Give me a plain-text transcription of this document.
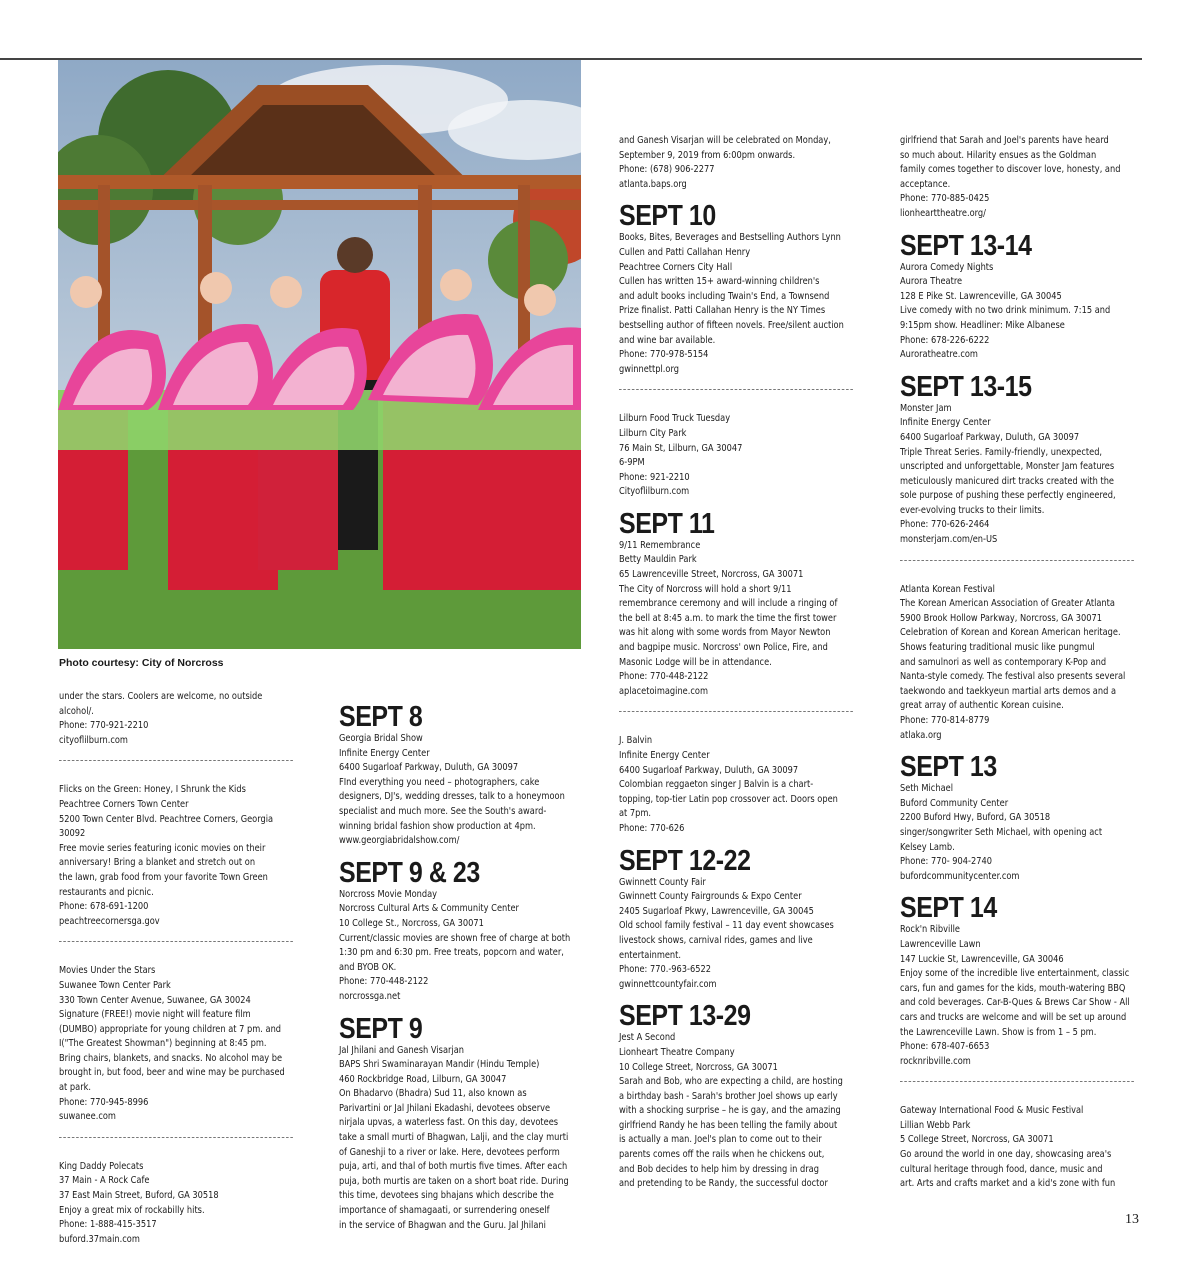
Photo courtesy: City of Norcross
under the stars. Coolers are welcome, no outside
alcohol/.
Phone: 770-921-2210
cityoflilburn.com
Flicks on the Green: Honey, I Shrunk the Kids
Peachtree Corners Town Center
5200 Town Center Blvd. Peachtree Corners, Georgia
30092
Free movie series featuring iconic movies on their
anniversary! Bring a blanket and stretch out on
the lawn, grab food from your favorite Town Green
restaurants and picnic.
Phone: 678-691-1200
peachtreecornersga.gov
Movies Under the Stars
Suwanee Town Center Park
330 Town Center Avenue, Suwanee, GA 30024
Signature (FREE!) movie night will feature film
(DUMBO) appropriate for young children at 7 pm. and
I("The Greatest Showman") beginning at 8:45 pm.
Bring chairs, blankets, and snacks. No alcohol may be
brought in, but food, beer and wine may be purchased
at park.
Phone: 770-945-8996
suwanee.com
King Daddy Polecats
37 Main - A Rock Cafe
37 East Main Street, Buford, GA 30518
Enjoy a great mix of rockabilly hits.
Phone: 1-888-415-3517
buford.37main.com
SEPT 8
Georgia Bridal Show
Infinite Energy Center
6400 Sugarloaf Parkway, Duluth, GA 30097
FInd everything you need – photographers, cake
designers, DJ's, wedding dresses, talk to a honeymoon
specialist and much more. See the South's award-
winning bridal fashion show production at 4pm.
www.georgiabridalshow.com/
SEPT 9 & 23
Norcross Movie Monday
Norcross Cultural Arts & Community Center
10 College St., Norcross, GA 30071
Current/classic movies are shown free of charge at both
1:30 pm and 6:30 pm. Free treats, popcorn and water,
and BYOB OK.
Phone: 770-448-2122
norcrossga.net
SEPT 9
Jal Jhilani and Ganesh Visarjan
BAPS Shri Swaminarayan Mandir (Hindu Temple)
460 Rockbridge Road, Lilburn, GA 30047
On Bhadarvo (Bhadra) Sud 11, also known as
Parivartini or Jal Jhilani Ekadashi, devotees observe
nirjala upvas, a waterless fast. On this day, devotees
take a small murti of Bhagwan, Lalji, and the clay murti
of Ganeshji to a river or lake. Here, devotees perform
puja, arti, and thal of both murtis five times. After each
puja, both murtis are taken on a short boat ride. During
this time, devotees sing bhajans which describe the
importance of shamagaati, or surrendering oneself
in the service of Bhagwan and the Guru. Jal Jhilani
and Ganesh Visarjan will be celebrated on Monday,
September 9, 2019 from 6:00pm onwards.
Phone: (678) 906-2277
atlanta.baps.org
SEPT 10
Books, Bites, Beverages and Bestselling Authors Lynn
Cullen and Patti Callahan Henry
Peachtree Corners City Hall
Cullen has written 15+ award-winning children's
and adult books including Twain's End, a Townsend
Prize finalist. Patti Callahan Henry is the NY Times
bestselling author of fifteen novels. Free/silent auction
and wine bar available.
Phone: 770-978-5154
gwinnettpl.org
Lilburn Food Truck Tuesday
Lilburn City Park
76 Main St, Lilburn, GA 30047
6-9PM
Phone: 921-2210
Cityoflilburn.com
SEPT 11
9/11 Remembrance
Betty Mauldin Park
65 Lawrenceville Street, Norcross, GA 30071
The City of Norcross will hold a short 9/11
remembrance ceremony and will include a ringing of
the bell at 8:45 a.m. to mark the time the first tower
was hit along with some words from Mayor Newton
and bagpipe music. Norcross' own Police, Fire, and
Masonic Lodge will be in attendance.
Phone: 770-448-2122
aplacetoimagine.com
J. Balvin
Infinite Energy Center
6400 Sugarloaf Parkway, Duluth, GA 30097
Colombian reggaeton singer J Balvin is a chart-
topping, top-tier Latin pop crossover act. Doors open
at 7pm.
Phone: 770-626
SEPT 12-22
Gwinnett County Fair
Gwinnett County Fairgrounds & Expo Center
2405 Sugarloaf Pkwy, Lawrenceville, GA 30045
Old school family festival – 11 day event showcases
livestock shows, carnival rides, games and live
entertainment.
Phone: 770.-963-6522
gwinnettcountyfair.com
SEPT 13-29
Jest A Second
Lionheart Theatre Company
10 College Street, Norcross, GA 30071
Sarah and Bob, who are expecting a child, are hosting
a birthday bash - Sarah's brother Joel shows up early
with a shocking surprise – he is gay, and the amazing
girlfriend Randy he has been telling the family about
is actually a man. Joel's plan to come out to their
parents comes off the rails when he chickens out,
and Bob decides to help him by dressing in drag
and pretending to be Randy, the successful doctor
girlfriend that Sarah and Joel's parents have heard
so much about. Hilarity ensues as the Goldman
family comes together to discover love, honesty, and
acceptance.
Phone: 770-885-0425
lionhearttheatre.org/
SEPT 13-14
Aurora Comedy Nights
Aurora Theatre
128 E Pike St. Lawrenceville, GA 30045
Live comedy with no two drink minimum. 7:15 and
9:15pm show. Headliner: Mike Albanese
Phone: 678-226-6222
Auroratheatre.com
SEPT 13-15
Monster Jam
Infinite Energy Center
6400 Sugarloaf Parkway, Duluth, GA 30097
Triple Threat Series. Family-friendly, unexpected,
unscripted and unforgettable, Monster Jam features
meticulously manicured dirt tracks created with the
sole purpose of pushing these perfectly engineered,
ever-evolving trucks to their limits.
Phone: 770-626-2464
monsterjam.com/en-US
Atlanta Korean Festival
The Korean American Association of Greater Atlanta
5900 Brook Hollow Parkway, Norcross, GA 30071
Celebration of Korean and Korean American heritage.
Shows featuring traditional music like pungmul
and samulnori as well as contemporary K-Pop and
Nanta-style comedy. The festival also presents several
taekwondo and taekkyeun martial arts demos and a
great array of authentic Korean cuisine.
Phone: 770-814-8779
atlaka.org
SEPT 13
Seth Michael
Buford Community Center
2200 Buford Hwy, Buford, GA 30518
singer/songwriter Seth Michael, with opening act
Kelsey Lamb.
Phone: 770- 904-2740
bufordcommunitycenter.com
SEPT 14
Rock'n Ribville
Lawrenceville Lawn
147 Luckie St, Lawrenceville, GA 30046
Enjoy some of the incredible live entertainment, classic
cars, fun and games for the kids, mouth-watering BBQ
and cold beverages. Car-B-Ques & Brews Car Show - All
cars and trucks are welcome and will be set up around
the Lawrenceville Lawn. Show is from 1 – 5 pm.
Phone: 678-407-6653
rocknribville.com
Gateway International Food & Music Festival
Lillian Webb Park
5 College Street, Norcross, GA 30071
Go around the world in one day, showcasing area's
cultural heritage through food, dance, music and
art. Arts and crafts market and a kid's zone with fun
13
